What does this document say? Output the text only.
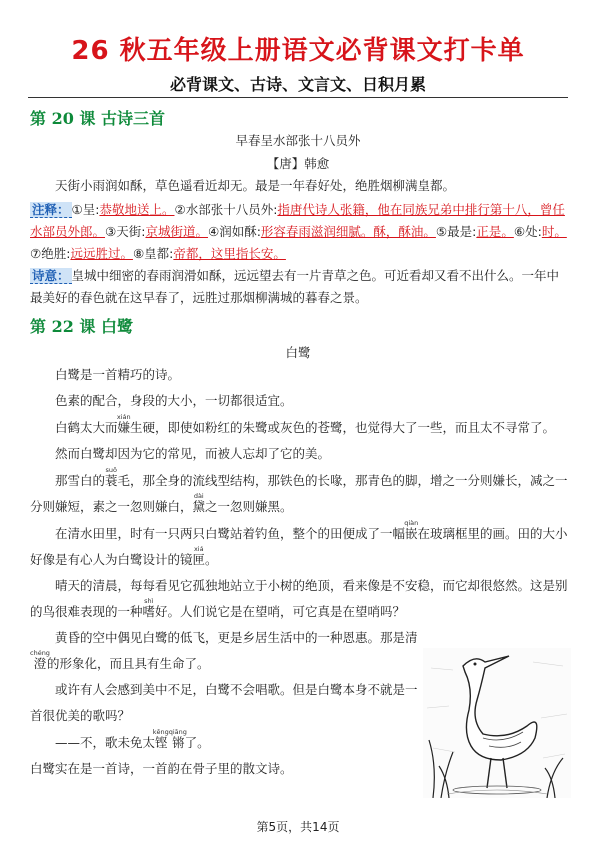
26 秋五年级上册语文必背课文打卡单
必背课文、古诗、文言文、日积月累
第 20 课 古诗三首
早春呈水部张十八员外
【唐】韩愈
天街小雨润如酥，草色遥看近却无。最是一年春好处，绝胜烟柳满皇都。
注释： ①呈:恭敬地送上。②水部张十八员外:指唐代诗人张籍，他在同族兄弟中排行第十八，曾任水部员外郎。③天街:京城街道。④润如酥:形容春雨滋润细腻。酥，酥油。⑤最是:正是。⑥处:时。⑦绝胜:远远胜过。⑧皇都:帝都，这里指长安。
诗意： 皇城中细密的春雨润滑如酥，远远望去有一片青草之色。可近看却又看不出什么。一年中最美好的春色就在这早春了，远胜过那烟柳满城的暮春之景。
第 22 课 白鹭
白鹭

白鹭是一首精巧的诗。

色素的配合，身段的大小，一切都很适宜。

白鹤太大而嫌xián生硬，即使如粉红的朱鹭或灰色的苍鹭，也觉得大了一些，而且太不寻常了。

然而白鹭却因为它的常见，而被人忘却了它的美。

那雪白的蓑suō毛，那全身的流线型结构，那铁色的长喙，那青色的脚，增之一分则嫌长，减之一分则嫌短，素之一忽则嫌白，黛dài之一忽则嫌黑。

在清水田里，时有一只两只白鹭站着钓鱼，整个的田便成了一幅嵌qiàn在玻璃框里的画。田的大小好像是有心人为白鹭设计的镜匣xiá。

晴天的清晨，每每看见它孤独地站立于小树的绝顶，看来像是不安稳，而它却很悠然。这是别的鸟很难表现的一种嗜shì好。人们说它是在望哨，可它真是在望哨吗？

黄昏的空中偶见白鹭的低飞，更是乡居生活中的一种恩惠。那是清澄chéng的形象化，而且具有生命了。

或许有人会感到美中不足，白鹭不会唱歌。但是白鹭本身不就是一首很优美的歌吗？

——不，歌未免太铿锵kēngqiāng了。

白鹭实在是一首诗，一首韵在骨子里的散文诗。

第5页，共14页
